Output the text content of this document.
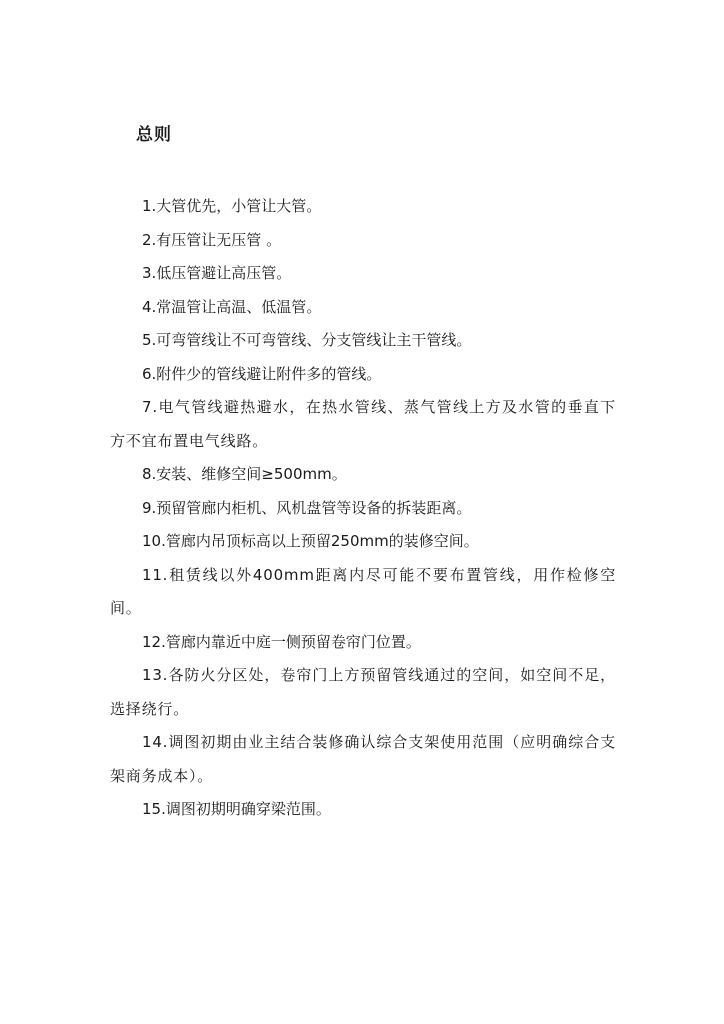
总则
1.大管优先，小管让大管。
2.有压管让无压管 。
3.低压管避让高压管。
4.常温管让高温、低温管。
5.可弯管线让不可弯管线、分支管线让主干管线。
6.附件少的管线避让附件多的管线。
7.电气管线避热避水，在热水管线、蒸气管线上方及水管的垂直下方不宜布置电气线路。
8.安装、维修空间≥500mm。
9.预留管廊内柜机、风机盘管等设备的拆装距离。
10.管廊内吊顶标高以上预留250mm的装修空间。
11.租赁线以外400mm距离内尽可能不要布置管线，用作检修空间。
12.管廊内靠近中庭一侧预留卷帘门位置。
13.各防火分区处，卷帘门上方预留管线通过的空间，如空间不足，选择绕行。
14.调图初期由业主结合装修确认综合支架使用范围（应明确综合支架商务成本）。
15.调图初期明确穿梁范围。
